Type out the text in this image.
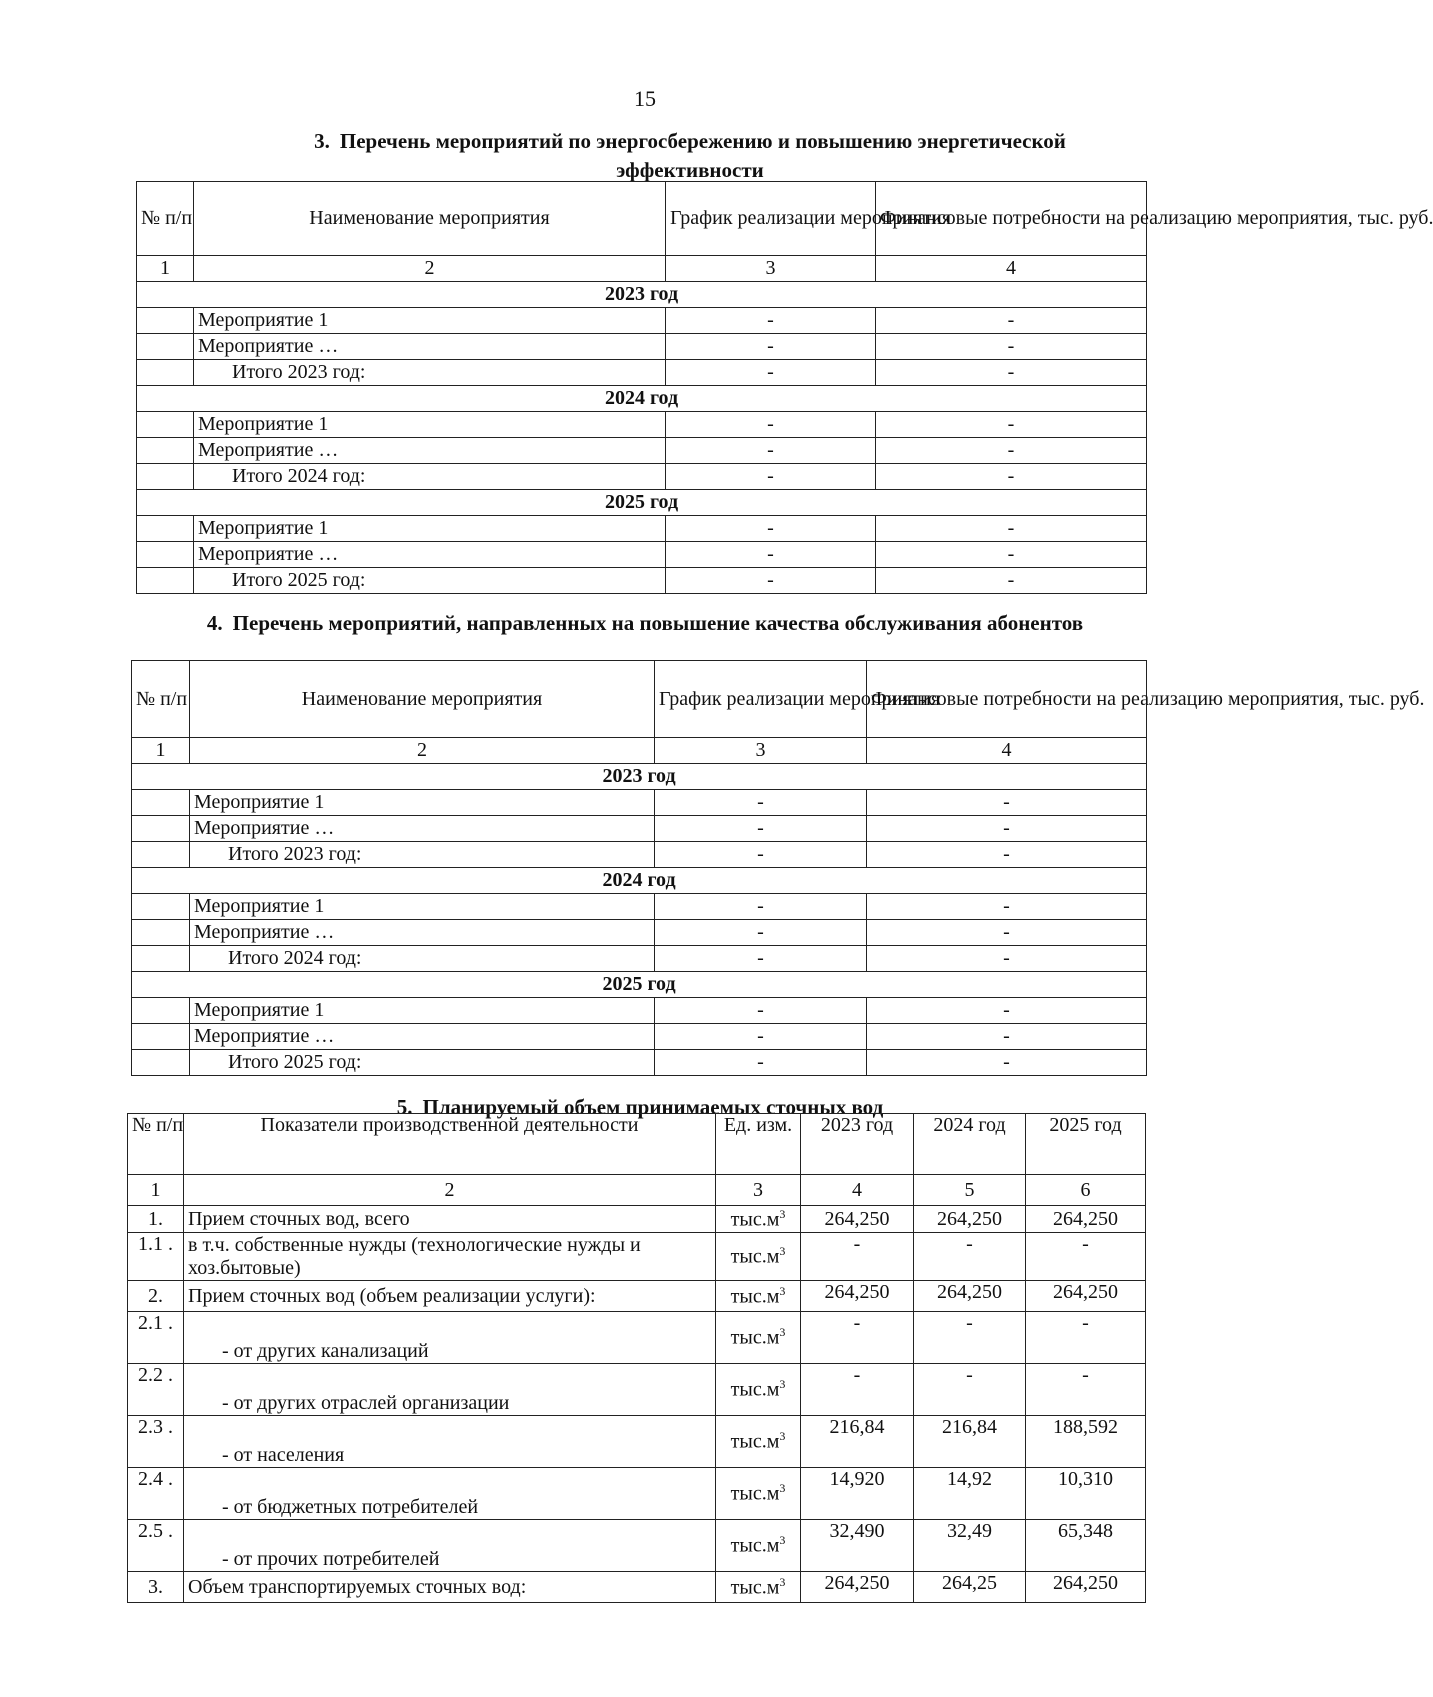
15
3. Перечень мероприятий по энергосбережению и повышению энергетической эффективности
№ п/п	Наименование мероприятия	График реализации мероприятия	Финансовые потребности на реализацию мероприятия, тыс. руб.
1	2	3	4
2023 год			
	Мероприятие 1	-	-
	Мероприятие …	-	-
	Итого 2023 год:	-	-
2024 год			
	Мероприятие 1	-	-
	Мероприятие …	-	-
	Итого 2024 год:	-	-
2025 год			
	Мероприятие 1	-	-
	Мероприятие …	-	-
	Итого 2025 год:	-	-
4. Перечень мероприятий, направленных на повышение качества обслуживания абонентов
№ п/п	Наименование мероприятия	График реализации мероприятия	Финансовые потребности на реализацию мероприятия, тыс. руб.
1	2	3	4
2023 год			
	Мероприятие 1	-	-
	Мероприятие …	-	-
	Итого 2023 год:	-	-
2024 год			
	Мероприятие 1	-	-
	Мероприятие …	-	-
	Итого 2024 год:	-	-
2025 год			
	Мероприятие 1	-	-
	Мероприятие …	-	-
	Итого 2025 год:	-	-
5. Планируемый объем принимаемых сточных вод
№ п/п	Показатели производственной деятельности	Ед. изм.	2023 год	2024 год	2025 год
1	2	3	4	5	6
1.	Прием сточных вод, всего	$тыс.м^3$	264,250	264,250	264,250
1.1 .	в т.ч. собственные нужды (технологические нужды и хоз.бытовые)	$тыс.м^3$	-	-	-
2.	Прием сточных вод (объем реализации услуги):	$тыс.м^3$	264,250	264,250	264,250
2.1 .	- от других канализаций	$тыс.м^3$	-	-	-
2.2 .	- от других отраслей организации	$тыс.м^3$	-	-	-
2.3 .	- от населения	$тыс.м^3$	216,84	216,84	188,592
2.4 .	- от бюджетных потребителей	$тыс.м^3$	14,920	14,92	10,310
2.5 .	- от прочих потребителей	$тыс.м^3$	32,490	32,49	65,348
3.	Объем транспортируемых сточных вод:	$тыс.м^3$	264,250	264,25	264,250
